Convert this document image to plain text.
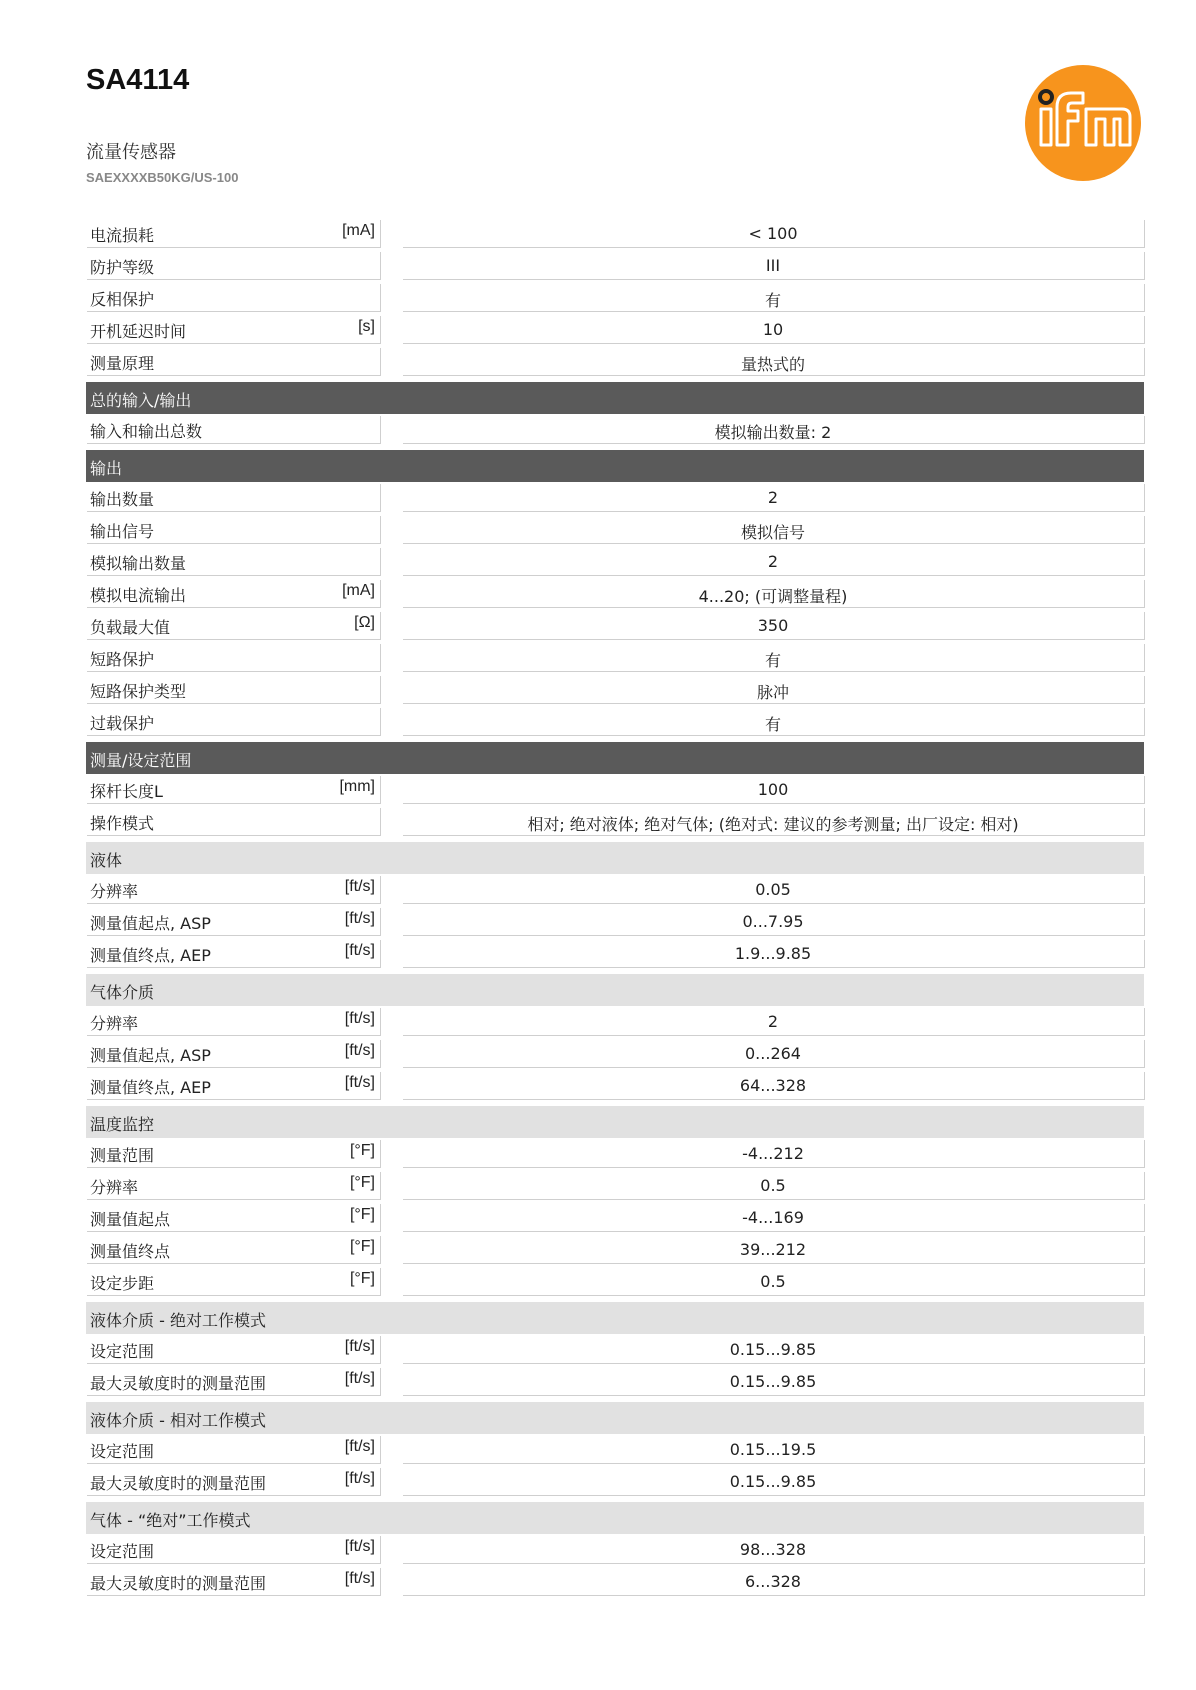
SA4114
流量传感器
SAEXXXXB50KG/US-100
电流损耗	[mA]	< 100
防护等级	III
反相保护	有
开机延迟时间	[s]	10
测量原理	量热式的
总的输入/输出
输入和输出总数	模拟输出数量: 2
输出
输出数量	2
输出信号	模拟信号
模拟输出数量	2
模拟电流输出	[mA]	4...20; (可调整量程)
负载最大值	[Ω]	350
短路保护	有
短路保护类型	脉冲
过载保护	有
测量/设定范围
探杆长度L	[mm]	100
操作模式	相对; 绝对液体; 绝对气体; (绝对式: 建议的参考测量; 出厂设定: 相对)
液体
分辨率	[ft/s]	0.05
测量值起点, ASP	[ft/s]	0...7.95
测量值终点, AEP	[ft/s]	1.9...9.85
气体介质
分辨率	[ft/s]	2
测量值起点, ASP	[ft/s]	0...264
测量值终点, AEP	[ft/s]	64...328
温度监控
测量范围	[°F]	-4...212
分辨率	[°F]	0.5
测量值起点	[°F]	-4...169
测量值终点	[°F]	39...212
设定步距	[°F]	0.5
液体介质 - 绝对工作模式
设定范围	[ft/s]	0.15...9.85
最大灵敏度时的测量范围	[ft/s]	0.15...9.85
液体介质 - 相对工作模式
设定范围	[ft/s]	0.15...19.5
最大灵敏度时的测量范围	[ft/s]	0.15...9.85
气体 - “绝对”工作模式
设定范围	[ft/s]	98...328
最大灵敏度时的测量范围	[ft/s]	6...328
